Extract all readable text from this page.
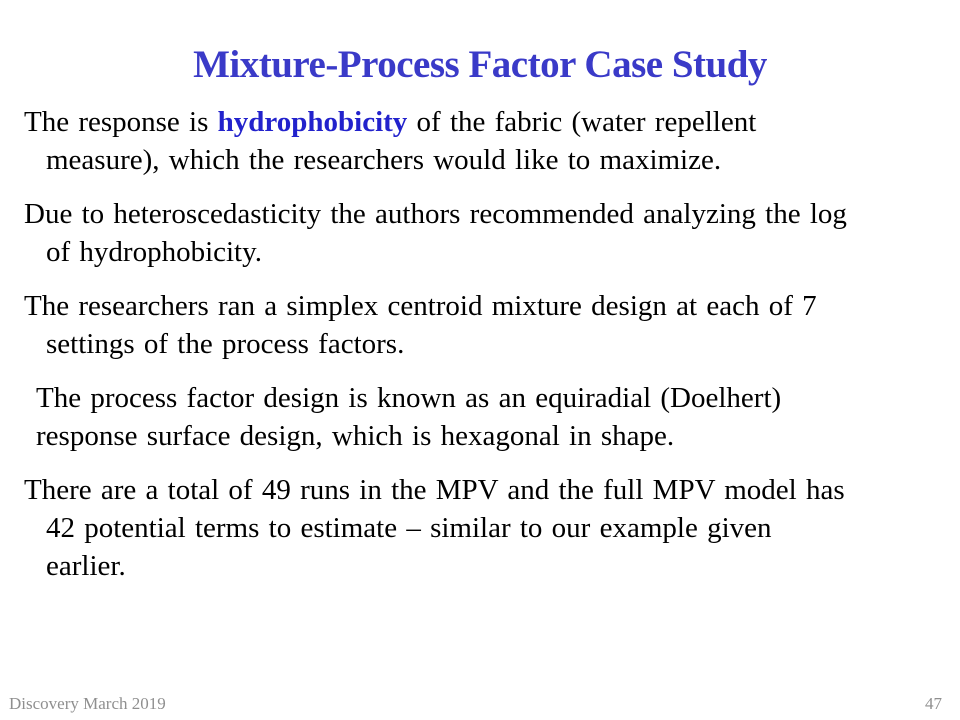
Mixture-Process Factor Case Study
The response is hydrophobicity of the fabric (water repellent
measure), which the researchers would like to maximize.
Due to heteroscedasticity the authors recommended analyzing the log
of hydrophobicity.
The researchers ran a simplex centroid mixture design at each of 7
settings of the process factors.
The process factor design is known as an equiradial (Doelhert)
response surface design, which is hexagonal in shape.
There are a total of 49 runs in the MPV and the full MPV model has
42 potential terms to estimate – similar to our example given
earlier.
Discovery March 2019	47
